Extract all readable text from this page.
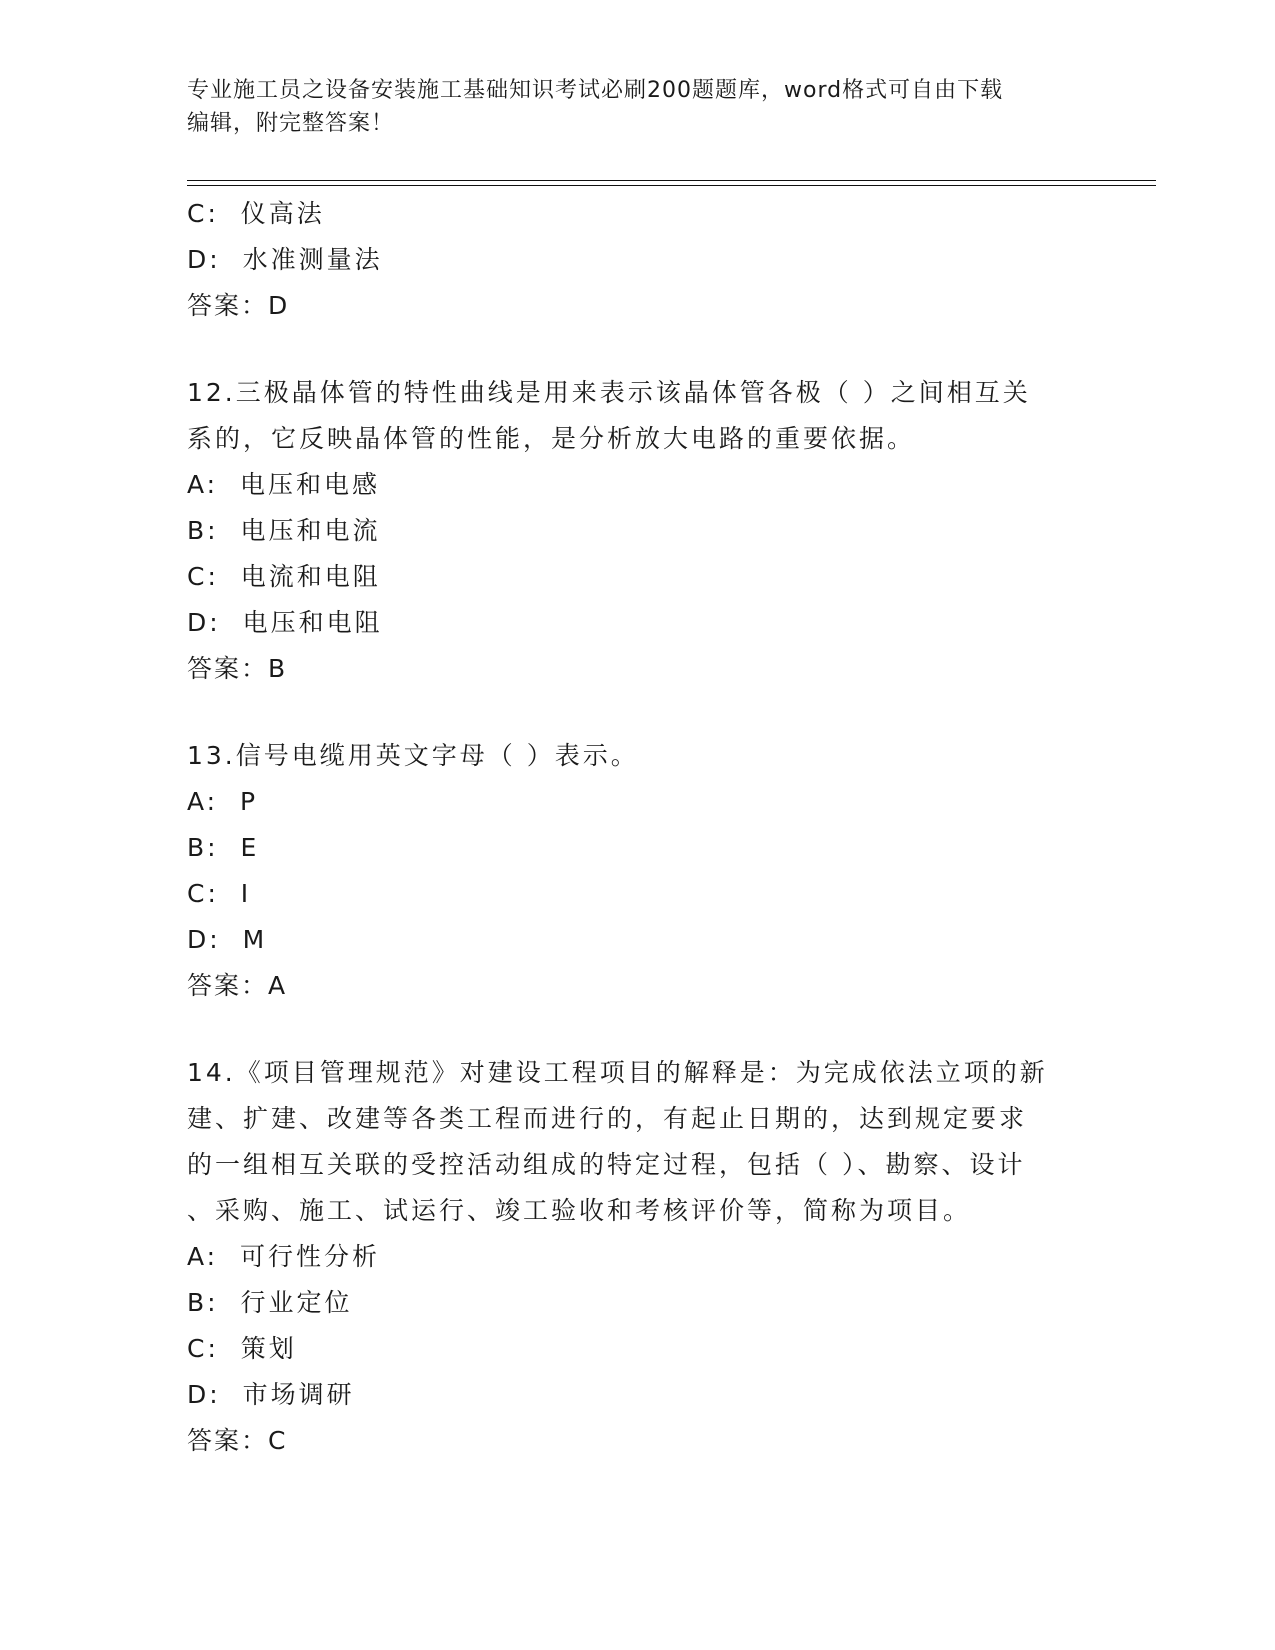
专业施工员之设备安装施工基础知识考试必刷200题题库，word格式可自由下载
编辑，附完整答案！
C:  仪高法
D:  水准测量法
答案：D
12.三极晶体管的特性曲线是用来表示该晶体管各极（ ）之间相互关
系的，它反映晶体管的性能，是分析放大电路的重要依据。
A:  电压和电感
B:  电压和电流
C:  电流和电阻
D:  电压和电阻
答案：B
13.信号电缆用英文字母（ ）表示。
A:  P
B:  E
C:  I
D:  M
答案：A
14.《项目管理规范》对建设工程项目的解释是：为完成依法立项的新
建、扩建、改建等各类工程而进行的，有起止日期的，达到规定要求
的一组相互关联的受控活动组成的特定过程，包括（ ）、勘察、设计
、采购、施工、试运行、竣工验收和考核评价等，简称为项目。
A:  可行性分析
B:  行业定位
C:  策划
D:  市场调研
答案：C
